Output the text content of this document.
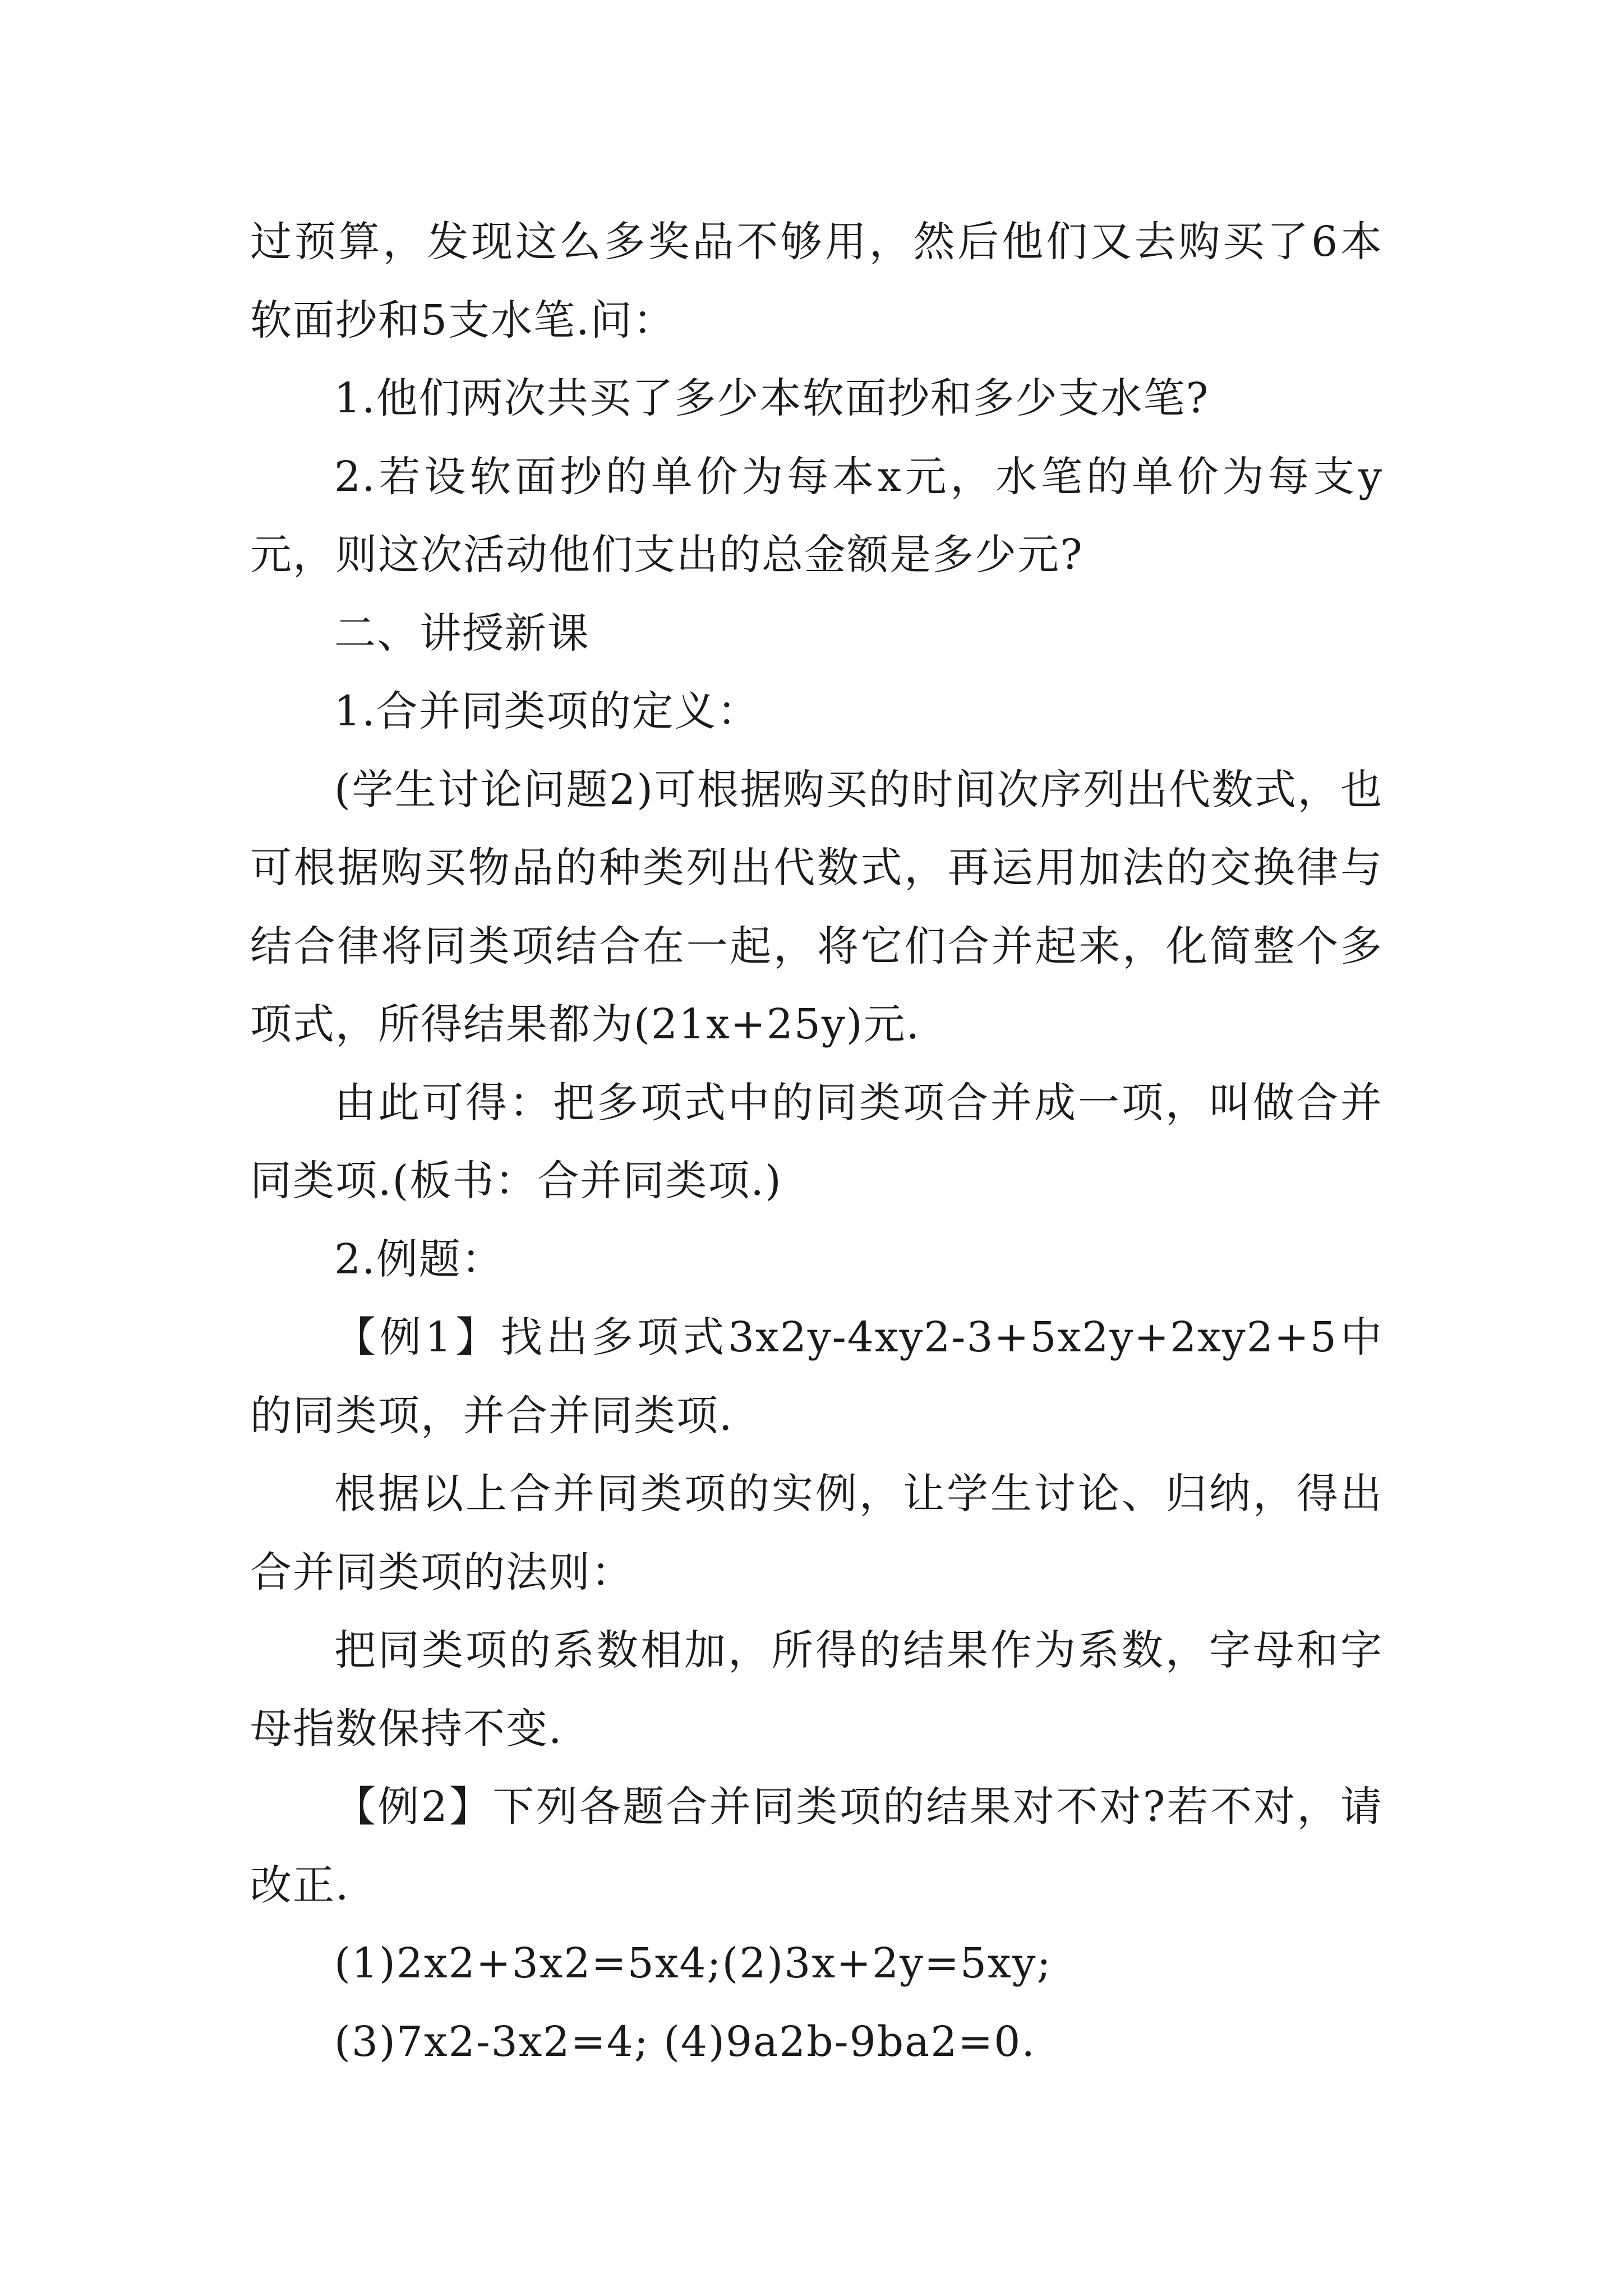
过预算，发现这么多奖品不够用，然后他们又去购买了6本软面抄和5支水笔.问：

1.他们两次共买了多少本软面抄和多少支水笔?

2.若设软面抄的单价为每本x元，水笔的单价为每支y元，则这次活动他们支出的总金额是多少元?

二、讲授新课

1.合并同类项的定义：

(学生讨论问题2)可根据购买的时间次序列出代数式，也可根据购买物品的种类列出代数式，再运用加法的交换律与结合律将同类项结合在一起，将它们合并起来，化简整个多项式，所得结果都为(21x+25y)元.

由此可得：把多项式中的同类项合并成一项，叫做合并同类项.(板书：合并同类项.)

2.例题：

【例1】找出多项式3x2y-4xy2-3+5x2y+2xy2+5中的同类项，并合并同类项.

根据以上合并同类项的实例，让学生讨论、归纳，得出合并同类项的法则：

把同类项的系数相加，所得的结果作为系数，字母和字母指数保持不变.

【例2】下列各题合并同类项的结果对不对?若不对，请改正.

(1)2x2+3x2=5x4;(2)3x+2y=5xy;

(3)7x2-3x2=4; (4)9a2b-9ba2=0.
